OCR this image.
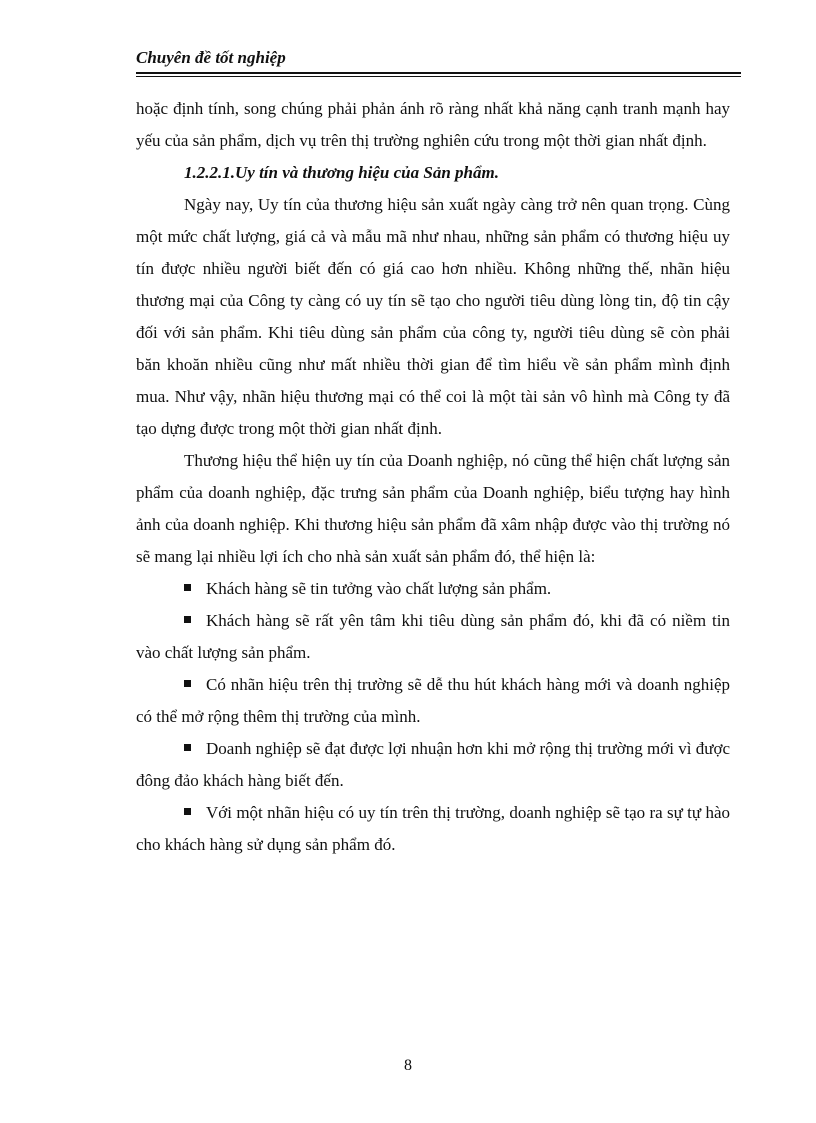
Chuyên đề tốt nghiệp

hoặc định tính, song chúng phải phản ánh rõ ràng nhất khả năng cạnh tranh mạnh hay yếu của sản phẩm, dịch vụ trên thị trường nghiên cứu trong một thời gian nhất định.

1.2.2.1.Uy tín và thương hiệu của Sản phẩm.

Ngày nay, Uy tín của thương hiệu sản xuất ngày càng trở nên quan trọng. Cùng một mức chất lượng, giá cả và mẫu mã như nhau, những sản phẩm có thương hiệu uy tín được nhiều người biết đến có giá cao hơn nhiều. Không những thế, nhãn hiệu thương mại của Công ty càng có uy tín sẽ tạo cho người tiêu dùng lòng tin, độ tin cậy đối với sản phẩm. Khi tiêu dùng sản phẩm của công ty, người tiêu dùng sẽ còn phải băn khoăn nhiều cũng như mất nhiều thời gian để tìm hiểu về sản phẩm mình định mua. Như vậy, nhãn hiệu thương mại có thể coi là một tài sản vô hình mà Công ty đã tạo dựng được trong một thời gian nhất định.

Thương hiệu thể hiện uy tín của Doanh nghiệp, nó cũng thể hiện chất lượng sản phẩm của doanh nghiệp, đặc trưng sản phẩm của Doanh nghiệp, biểu tượng hay hình ảnh của doanh nghiệp. Khi thương hiệu sản phẩm đã xâm nhập được vào thị trường nó sẽ mang lại nhiều lợi ích cho nhà sản xuất sản phẩm đó, thể hiện là:

Khách hàng sẽ tin tưởng vào chất lượng sản phẩm.

Khách hàng sẽ rất yên tâm khi tiêu dùng sản phẩm đó, khi đã có niềm tin vào chất lượng sản phẩm.

Có nhãn hiệu trên thị trường sẽ dễ thu hút khách hàng mới và doanh nghiệp có thể mở rộng thêm thị trường của mình.

Doanh nghiệp sẽ đạt được lợi nhuận hơn khi mở rộng thị trường mới vì được đông đảo khách hàng biết đến.

Với một nhãn hiệu có uy tín trên thị trường, doanh nghiệp sẽ tạo ra sự tự hào cho khách hàng sử dụng sản phẩm đó.

8
